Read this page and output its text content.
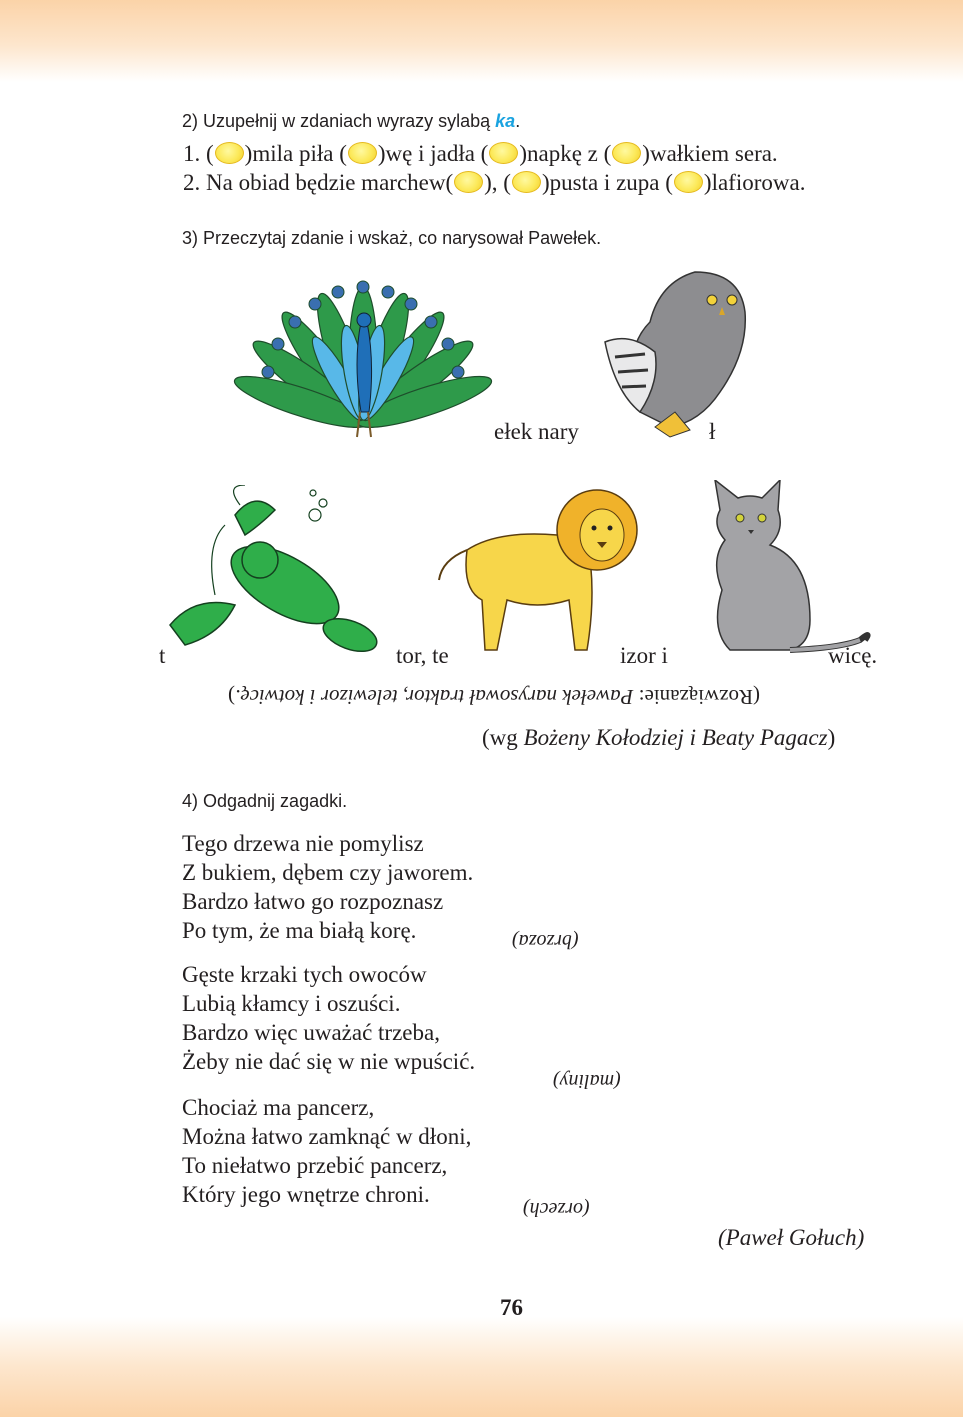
2) Uzupełnij w zdaniach wyrazy sylabą ka.
1. ( )mila piła ( )wę i jadła ( )napkę z ( )wałkiem sera.
2. Na obiad będzie marchew( ), ( )pusta i zupa ( )lafiorowa.
3) Przeczytaj zdanie i wskaż, co narysował Pawełek.
ełek nary	ł
t	tor, te	izor i	wicę.
(Rozwiązanie: Pawełek narysował traktor, telewizor i kotwicę.)
(wg Bożeny Kołodziej i Beaty Pagacz)
4) Odgadnij zagadki.
Tego drzewa nie pomylisz
Z bukiem, dębem czy jaworem.
Bardzo łatwo go rozpoznasz
Po tym, że ma białą korę.	(brzoza)
Gęste krzaki tych owoców
Lubią kłamcy i oszuści.
Bardzo więc uważać trzeba,
Żeby nie dać się w nie wpuścić.
(maliny)
Chociaż ma pancerz,
Można łatwo zamknąć w dłoni,
To niełatwo przebić pancerz,
Który jego wnętrze chroni.
(orzech)
(Paweł Gołuch)
76
